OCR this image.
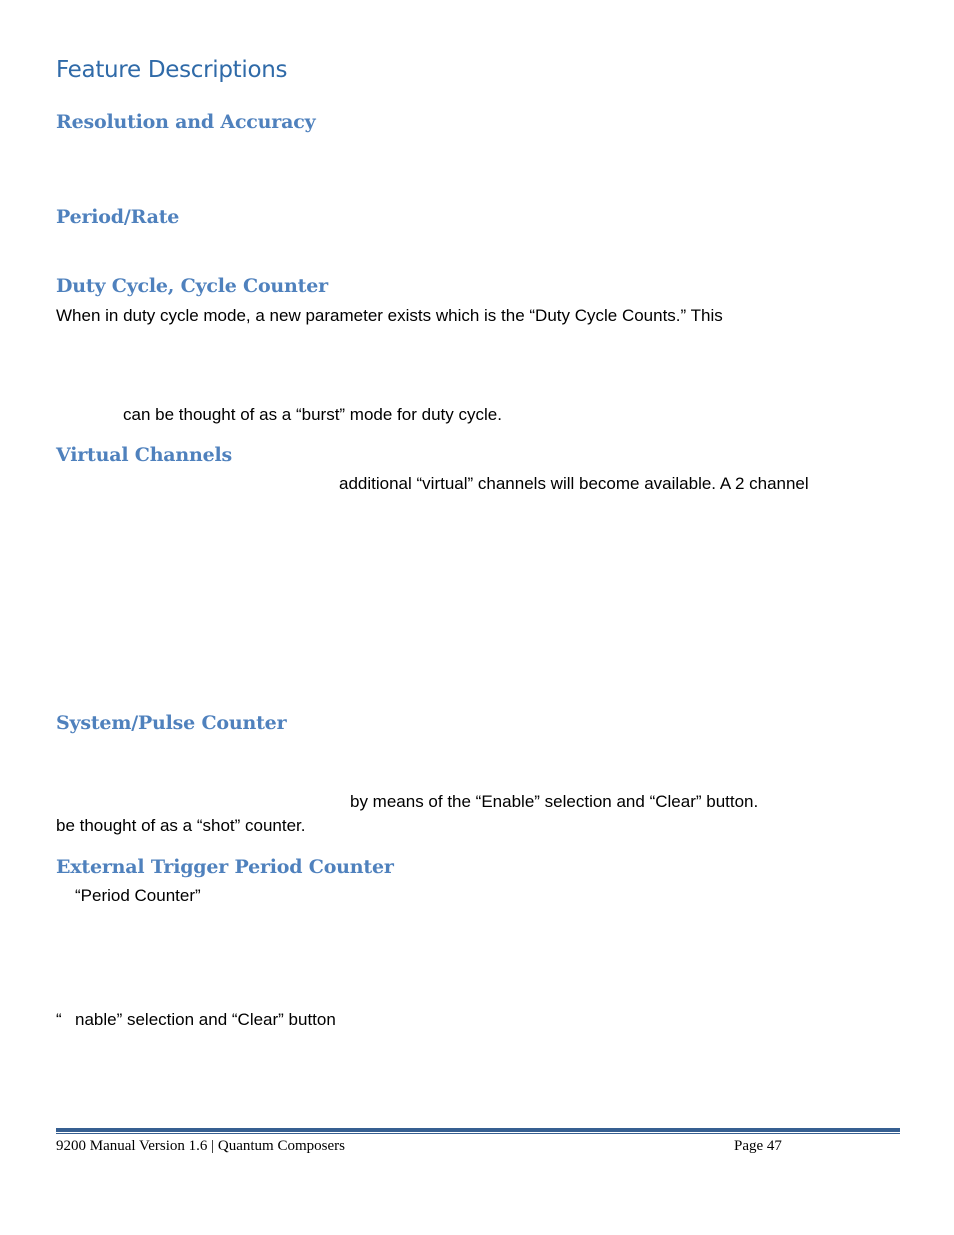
Feature Descriptions
Resolution and Accuracy
Period/Rate
Duty Cycle, Cycle Counter
When in duty cycle mode, a new parameter exists which is the “Duty Cycle Counts.” This
can be thought of as a “burst” mode for duty cycle.
Virtual Channels
additional “virtual” channels will become available. A 2 channel
System/Pulse Counter
by means of the “Enable” selection and “Clear” button.
be thought of as a “shot” counter.
External Trigger Period Counter
“Period Counter”
“ nable” selection and “Clear” button
9200 Manual Version 1.6 | Quantum Composers	Page 47
